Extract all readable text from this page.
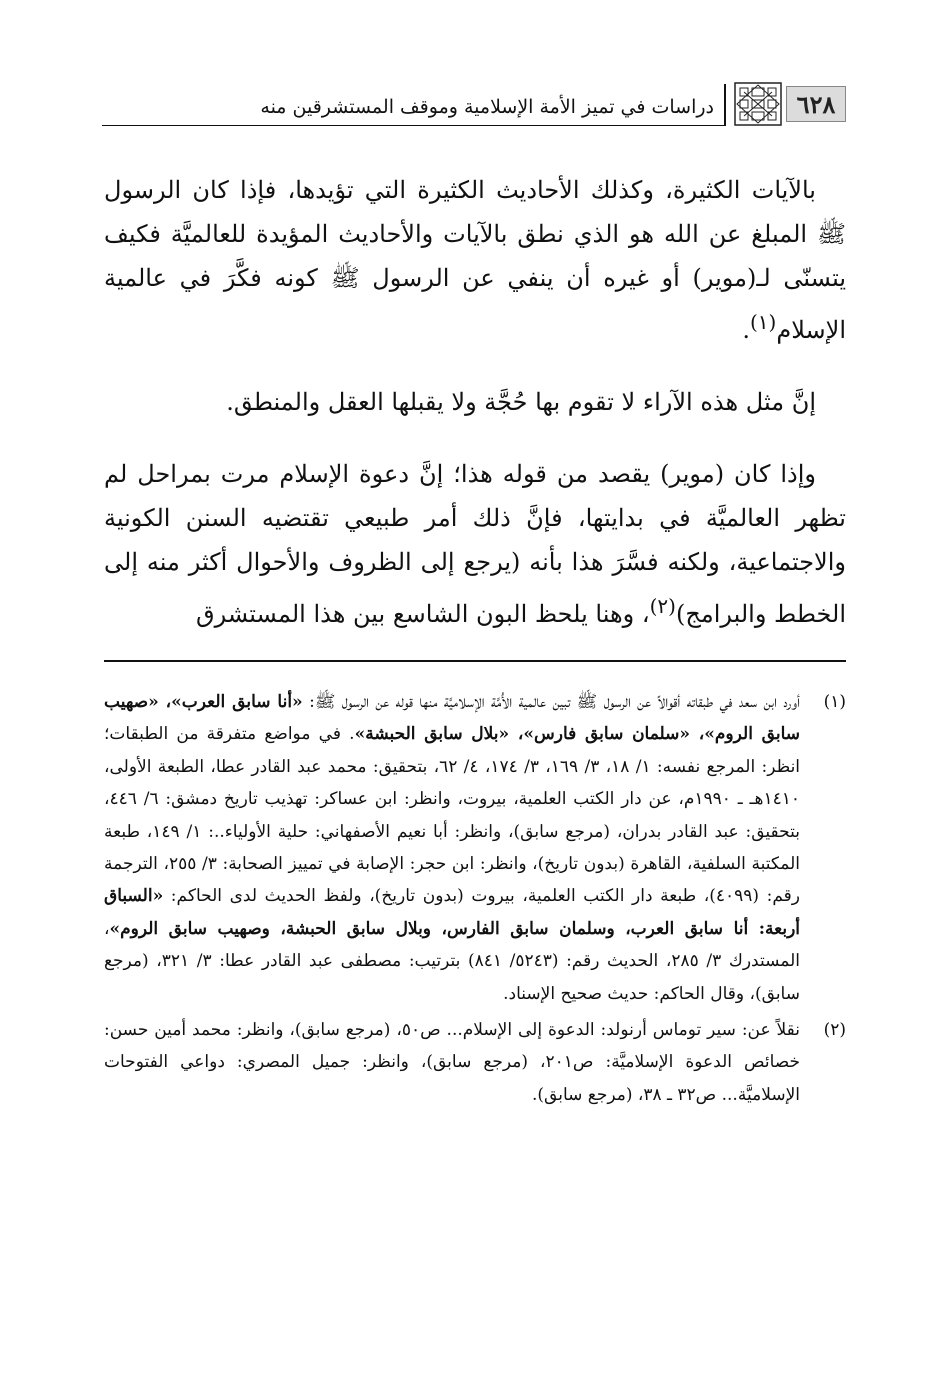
٦٢٨
دراسات في تميز الأمة الإسلامية وموقف المستشرقين منه

بالآيات الكثيرة، وكذلك الأحاديث الكثيرة التي تؤيدها، فإذا كان الرسول ﷺ المبلغ عن الله هو الذي نطق بالآيات والأحاديث المؤيدة للعالميَّة فكيف يتسنّى لـ(موير) أو غيره أن ينفي عن الرسول ﷺ كونه فكَّرَ في عالمية الإسلام$^{(١)}$.

إنَّ مثل هذه الآراء لا تقوم بها حُجَّة ولا يقبلها العقل والمنطق.

وإذا كان (موير) يقصد من قوله هذا؛ إنَّ دعوة الإسلام مرت بمراحل لم تظهر العالميَّة في بدايتها، فإنَّ ذلك أمر طبيعي تقتضيه السنن الكونية والاجتماعية، ولكنه فسَّرَ هذا بأنه (يرجع إلى الظروف والأحوال أكثر منه إلى الخطط والبرامج)$^{(٢)}$، وهنا يلحظ البون الشاسع بين هذا المستشرق

(١)
أورد ابن سعد في طبقاته أقوالاً عن الرسول ﷺ تبين عالمية الأُمَّة الإسلاميَّة منها قوله عن الرسول ﷺ: «أنا سابق العرب»، «صهيب سابق الروم»، «سلمان سابق فارس»، «بلال سابق الحبشة». في مواضع متفرقة من الطبقات؛ انظر: المرجع نفسه: ١/ ١٨، ٣/ ١٦٩، ٣/ ١٧٤، ٤/ ٦٢، بتحقيق: محمد عبد القادر عطا، الطبعة الأولى، ١٤١٠هـ ـ ١٩٩٠م، عن دار الكتب العلمية، بيروت، وانظر: ابن عساكر: تهذيب تاريخ دمشق: ٦/ ٤٤٦، بتحقيق: عبد القادر بدران، (مرجع سابق)، وانظر: أبا نعيم الأصفهاني: حلية الأولياء..: ١/ ١٤٩، طبعة المكتبة السلفية، القاهرة (بدون تاريخ)، وانظر: ابن حجر: الإصابة في تمييز الصحابة: ٣/ ٢٥٥، الترجمة رقم: (٤٠٩٩)، طبعة دار الكتب العلمية، بيروت (بدون تاريخ)، ولفظ الحديث لدى الحاكم: «السباق أربعة: أنا سابق العرب، وسلمان سابق الفارس، وبلال سابق الحبشة، وصهيب سابق الروم»، المستدرك ٣/ ٢٨٥، الحديث رقم: (٥٢٤٣/ ٨٤١) بترتيب: مصطفى عبد القادر عطا: ٣/ ٣٢١، (مرجع سابق)، وقال الحاكم: حديث صحيح الإسناد.
(٢)
نقلاً عن: سير توماس أرنولد: الدعوة إلى الإسلام... ص٥٠، (مرجع سابق)، وانظر: محمد أمين حسن: خصائص الدعوة الإسلاميَّة: ص٢٠١، (مرجع سابق)، وانظر: جميل المصري: دواعي الفتوحات الإسلاميَّة... ص٣٢ ـ ٣٨، (مرجع سابق).
